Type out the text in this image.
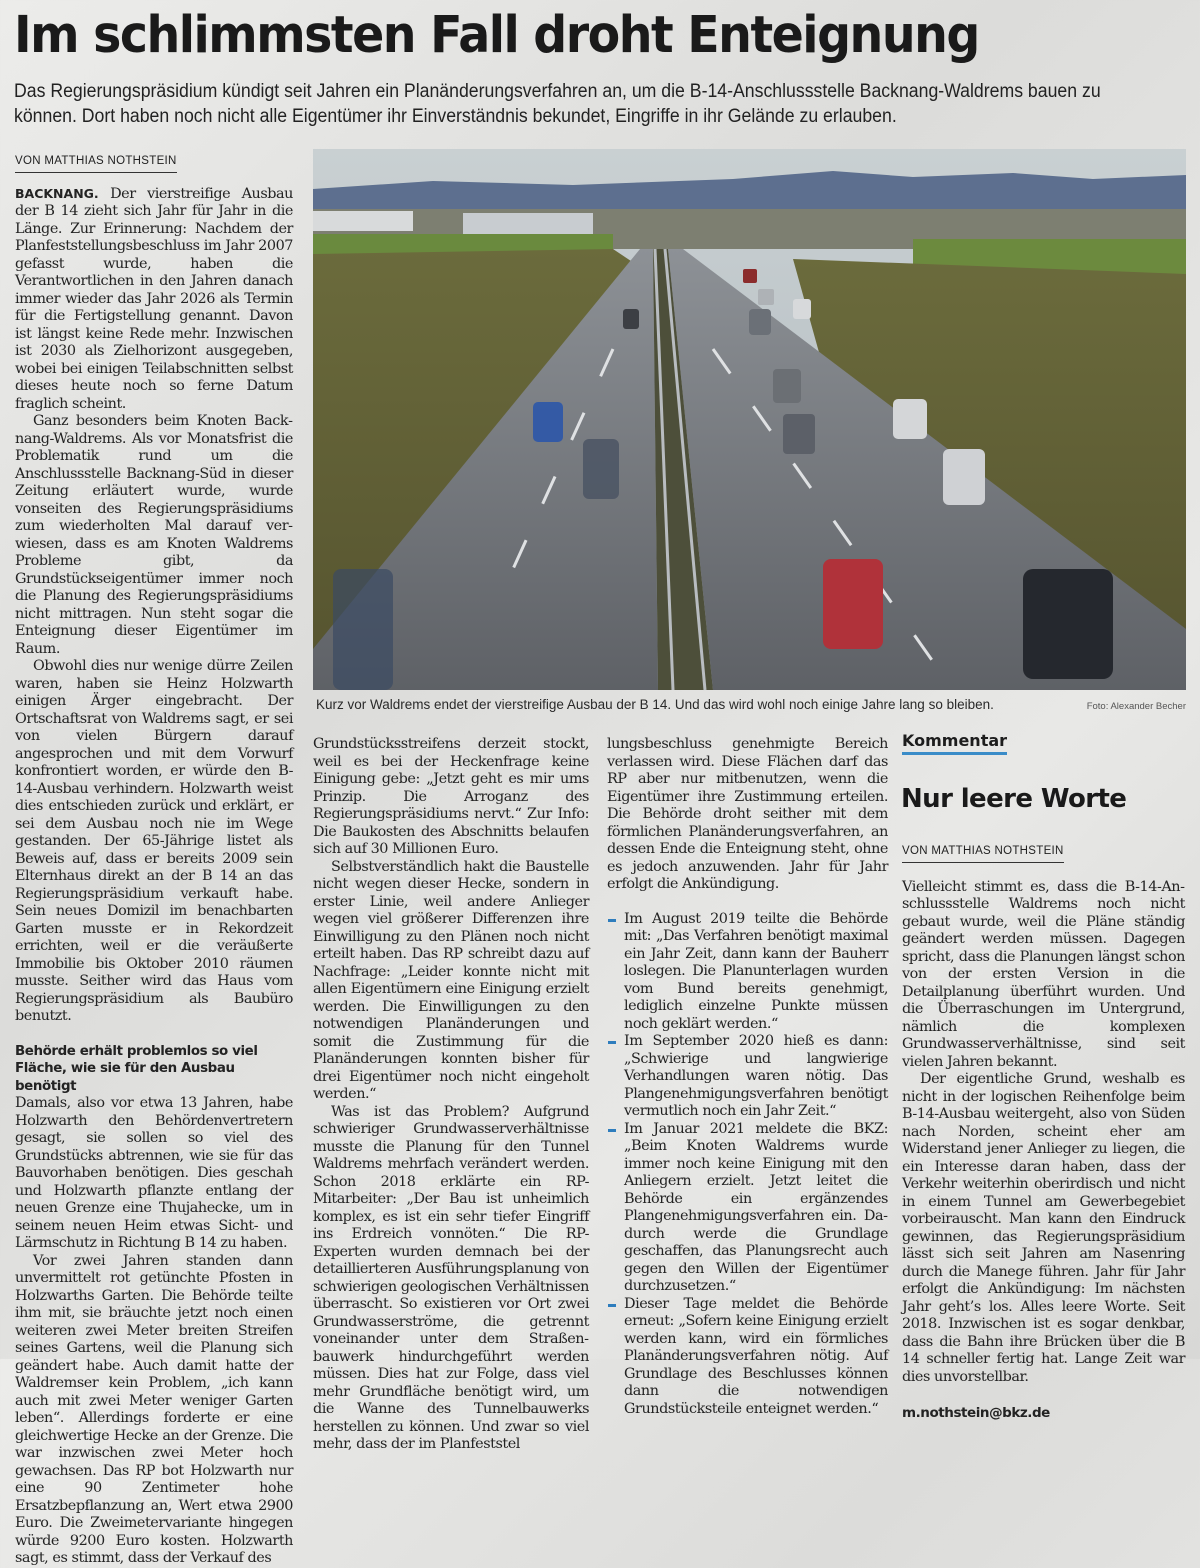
Im schlimmsten Fall droht Enteignung

Das Regierungspräsidium kündigt seit Jahren ein Planänderungsverfahren an, um die B-14-Anschlussstelle Backnang-Waldrems bauen zu können. Dort haben noch nicht alle Eigentümer ihr Einverständnis bekundet, Eingriffe in ihr Gelände zu erlauben.

VON MATTHIAS NOTHSTEIN

BACKNANG. Der vierstreifige Ausbau der B 14 zieht sich Jahr für Jahr in die Länge. Zur Erinnerung: Nachdem der Planfeststellungsbeschluss im Jahr 2007 gefasst wurde, haben die Verantwortlichen in den Jahren danach immer wieder das Jahr 2026 als Termin für die Fertigstellung genannt. Davon ist längst keine Rede mehr. Inzwischen ist 2030 als Zielhorizont ausgegeben, wobei bei einigen Teilabschnitten selbst dieses heute noch so ferne Datum fraglich scheint.

Ganz besonders beim Knoten Backnang-Waldrems. Als vor Monatsfrist die Problematik rund um die Anschlussstelle Backnang-Süd in dieser Zeitung erläutert wurde, wurde vonseiten des Regierungspräsidiums zum wiederholten Mal darauf verwiesen, dass es am Knoten Waldrems Probleme gibt, da Grundstückseigentümer immer noch die Planung des Regierungspräsidiums nicht mittragen. Nun steht sogar die Enteignung dieser Eigentümer im Raum.

Obwohl dies nur wenige dürre Zeilen waren, haben sie Heinz Holzwarth einigen Ärger eingebracht. Der Ortschaftsrat von Waldrems sagt, er sei von vielen Bürgern darauf angesprochen und mit dem Vorwurf konfrontiert worden, er würde den B-14-Ausbau verhindern. Holzwarth weist dies entschieden zurück und erklärt, er sei dem Ausbau noch nie im Wege gestanden. Der 65-Jährige listet als Beweis auf, dass er bereits 2009 sein Elternhaus direkt an der B 14 an das Regierungspräsidium verkauft habe. Sein neues Domizil im benachbarten Garten musste er in Rekordzeit errichten, weil er die veräußerte Immobilie bis Oktober 2010 räumen musste. Seither wird das Haus vom Regierungspräsidium als Baubüro benutzt.

Behörde erhält problemlos so viel Fläche, wie sie für den Ausbau benötigt

Damals, also vor etwa 13 Jahren, habe Holzwarth den Behördenvertretern gesagt, sie sollen so viel des Grundstücks abtrennen, wie sie für das Bauvorhaben benötigen. Dies geschah und Holzwarth pflanzte entlang der neuen Grenze eine Thujahecke, um in seinem neuen Heim etwas Sicht- und Lärmschutz in Richtung B 14 zu haben.

Vor zwei Jahren standen dann unvermittelt rot getünchte Pfosten in Holzwarths Garten. Die Behörde teilte ihm mit, sie bräuchte jetzt noch einen weiteren zwei Meter breiten Streifen seines Gartens, weil die Planung sich geändert habe. Auch damit hatte der Waldremser kein Problem, „ich kann auch mit zwei Meter weniger Garten leben“. Allerdings forderte er eine gleichwertige Hecke an der Grenze. Die war inzwischen zwei Meter hoch gewachsen. Das RP bot Holzwarth nur eine 90 Zentimeter hohe Ersatzbepflanzung an, Wert etwa 2900 Euro. Die Zweimetervariante hingegen würde 9200 Euro kosten. Holzwarth sagt, es stimmt, dass der Verkauf des

Kurz vor Waldrems endet der vierstreifige Ausbau der B 14. Und das wird wohl noch einige Jahre lang so bleiben.	Foto: Alexander Becher

Grundstücksstreifens derzeit stockt, weil es bei der Heckenfrage keine Einigung gebe: „Jetzt geht es mir ums Prinzip. Die Arroganz des Regierungspräsidiums nervt.“ Zur Info: Die Baukosten des Abschnitts belaufen sich auf 30 Millionen Euro.

Selbstverständlich hakt die Baustelle nicht wegen dieser Hecke, sondern in erster Linie, weil andere Anlieger wegen viel größerer Differenzen ihre Einwilligung zu den Plänen noch nicht erteilt haben. Das RP schreibt dazu auf Nachfrage: „Leider konnte nicht mit allen Eigentümern eine Einigung erzielt werden. Die Einwilligungen zu den notwendigen Planänderungen und somit die Zustimmung für die Planänderungen konnten bisher für drei Eigentümer noch nicht eingeholt werden.“

Was ist das Problem? Aufgrund schwieriger Grundwasserverhältnisse musste die Planung für den Tunnel Waldrems mehrfach verändert werden. Schon 2018 erklärte ein RP-Mitarbeiter: „Der Bau ist unheimlich komplex, es ist ein sehr tiefer Eingriff ins Erdreich vonnöten.“ Die RP-Experten wurden demnach bei der detaillierteren Ausführungsplanung von schwierigen geologischen Verhältnissen überrascht. So existieren vor Ort zwei Grundwasserströme, die getrennt voneinander unter dem Straßenbauwerk hindurchgeführt werden müssen. Dies hat zur Folge, dass viel mehr Grundfläche benötigt wird, um die Wanne des Tunnelbauwerks herstellen zu können. Und zwar so viel mehr, dass der im Planfeststel

lungsbeschluss genehmigte Bereich verlassen wird. Diese Flächen darf das RP aber nur mitbenutzen, wenn die Eigentümer ihre Zustimmung erteilen. Die Behörde droht seither mit dem förmlichen Planänderungsverfahren, an dessen Ende die Enteignung steht, ohne es jedoch anzuwenden. Jahr für Jahr erfolgt die Ankündigung.

Im August 2019 teilte die Behörde mit: „Das Verfahren benötigt maximal ein Jahr Zeit, dann kann der Bauherr loslegen. Die Planunterlagen wurden vom Bund bereits genehmigt, lediglich einzelne Punkte müssen noch geklärt werden.“
Im September 2020 hieß es dann: „Schwierige und langwierige Verhandlungen waren nötig. Das Plangenehmigungsverfahren benötigt vermutlich noch ein Jahr Zeit.“
Im Januar 2021 meldete die BKZ: „Beim Knoten Waldrems wurde immer noch keine Einigung mit den Anliegern erzielt. Jetzt leitet die Behörde ein ergänzendes Plangenehmigungsverfahren ein. Dadurch werde die Grundlage geschaffen, das Planungsrecht auch gegen den Willen der Eigentümer durchzusetzen.“
Dieser Tage meldet die Behörde erneut: „Sofern keine Einigung erzielt werden kann, wird ein förmliches Planänderungsverfahren nötig. Auf Grundlage des Beschlusses können dann die notwendigen Grundstücksteile enteignet werden.“
Kommentar
Nur leere Worte
VON MATTHIAS NOTHSTEIN

Vielleicht stimmt es, dass die B-14-Anschlussstelle Waldrems noch nicht gebaut wurde, weil die Pläne ständig geändert werden müssen. Dagegen spricht, dass die Planungen längst schon von der ersten Version in die Detailplanung überführt wurden. Und die Überraschungen im Untergrund, nämlich die komplexen Grundwasserverhältnisse, sind seit vielen Jahren bekannt.

Der eigentliche Grund, weshalb es nicht in der logischen Reihenfolge beim B-14-Ausbau weitergeht, also von Süden nach Norden, scheint eher am Widerstand jener Anlieger zu liegen, die ein Interesse daran haben, dass der Verkehr weiterhin oberirdisch und nicht in einem Tunnel am Gewerbegebiet vorbeirauscht. Man kann den Eindruck gewinnen, das Regierungspräsidium lässt sich seit Jahren am Nasenring durch die Manege führen. Jahr für Jahr erfolgt die Ankündigung: Im nächsten Jahr geht’s los. Alles leere Worte. Seit 2018. Inzwischen ist es sogar denkbar, dass die Bahn ihre Brücken über die B 14 schneller fertig hat. Lange Zeit war dies unvorstellbar.

m.nothstein@bkz.de
